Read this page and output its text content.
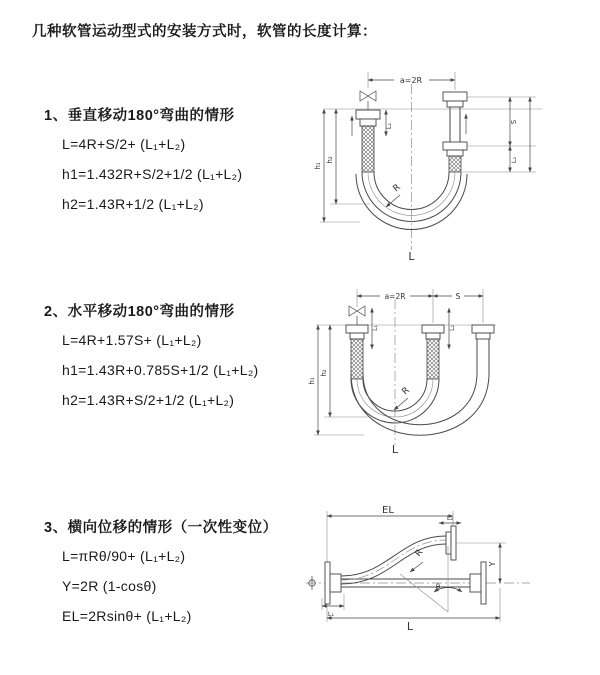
几种软管运动型式的安装方式时，软管的长度计算：
1、垂直移动180°弯曲的情形
L=4R+S/2+ (L₁+L₂)
h1=1.432R+S/2+1/2 (L₁+L₂)
h2=1.43R+1/2 (L₁+L₂)
a=2R
L₁
S
L₂
h₁
h₂
R
L
2、水平移动180°弯曲的情形
L=4R+1.57S+ (L₁+L₂)
h1=1.43R+0.785S+1/2 (L₁+L₂)
h2=1.43R+S/2+1/2 (L₁+L₂)
a=2R	S
L₁	L₂
h₁
h₂
R
L
3、横向位移的情形（一次性变位）
L=πRθ/90+ (L₁+L₂)
Y=2R (1-cosθ)
EL=2Rsinθ+ (L₁+L₂)
EL
L₂
Y
θ
R
L
L₁
